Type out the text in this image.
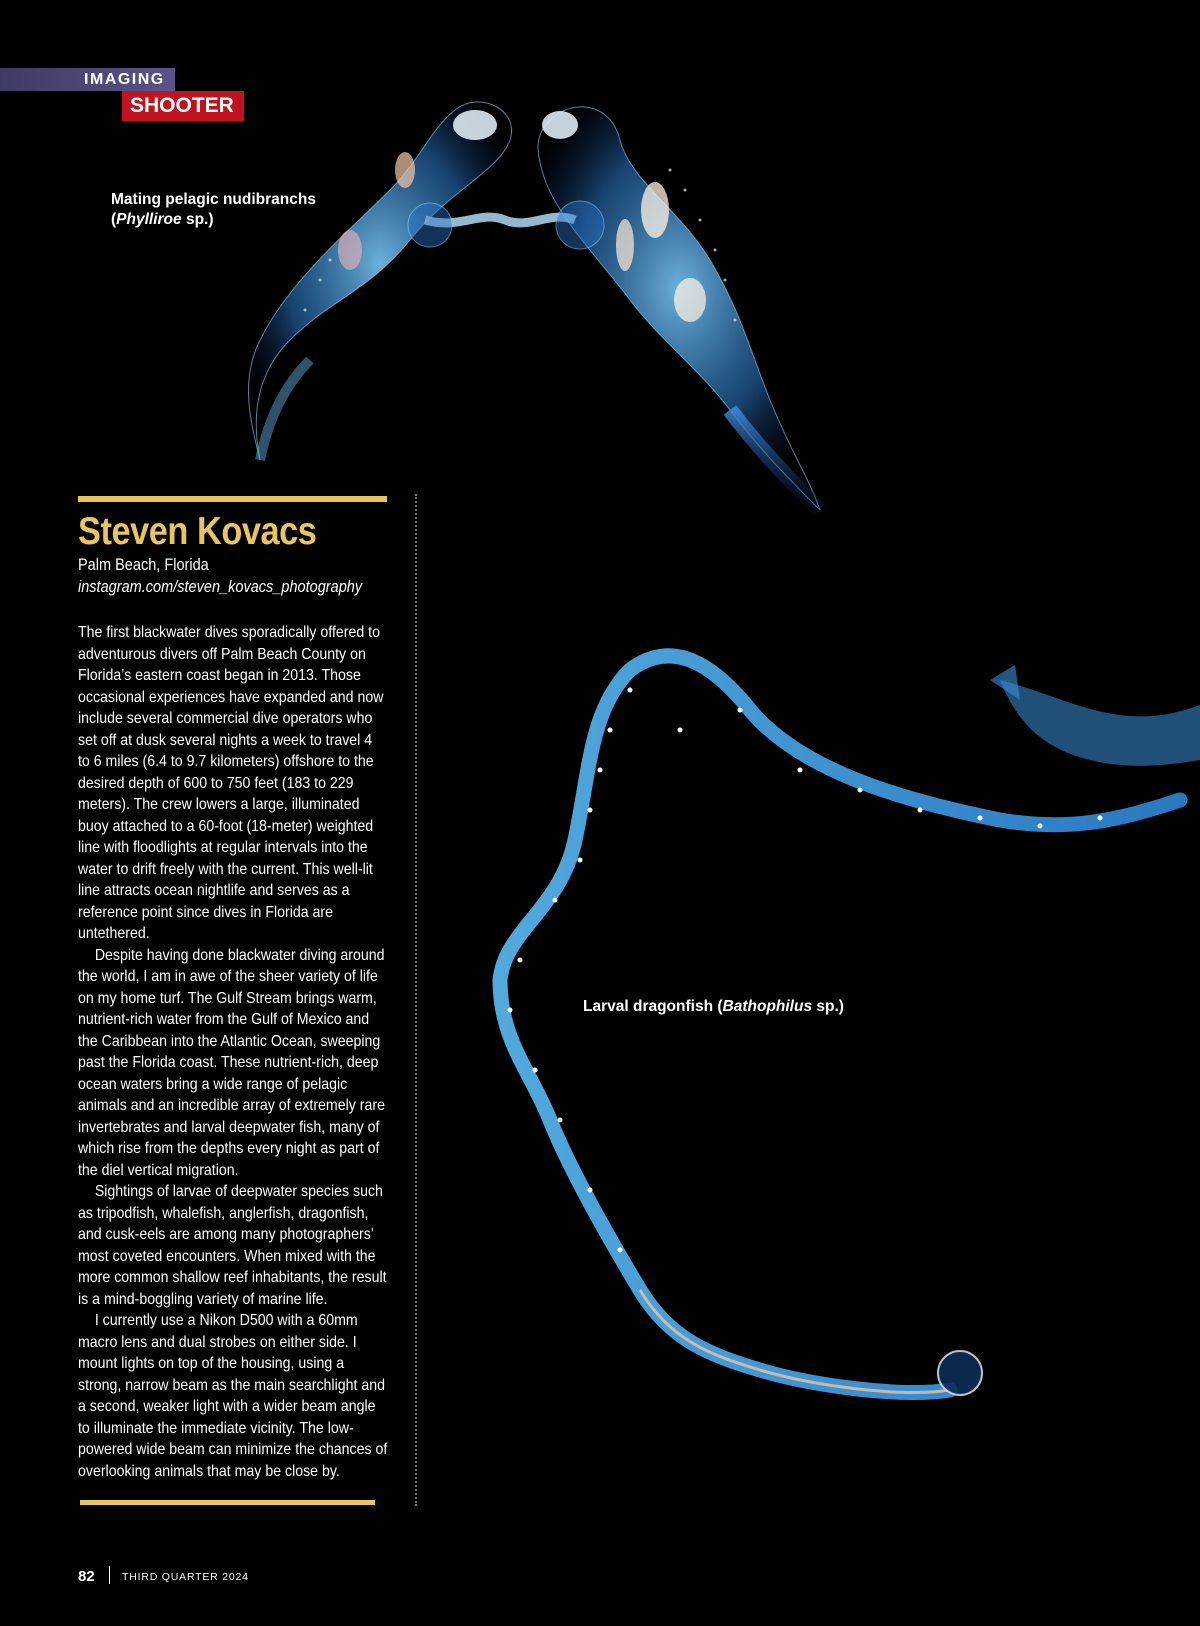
IMAGING
SHOOTER
Mating pelagic nudibranchs
(Phylliroe sp.)
Larval dragonfish (Bathophilus sp.)
Steven Kovacs
Palm Beach, Florida
instagram.com/steven_kovacs_photography

The first blackwater dives sporadically offered to adventurous divers off Palm Beach County on Florida’s eastern coast began in 2013. Those occasional experiences have expanded and now include several commercial dive operators who set off at dusk several nights a week to travel 4 to 6 miles (6.4 to 9.7 kilometers) offshore to the desired depth of 600 to 750 feet (183 to 229 meters). The crew lowers a large, illuminated buoy attached to a 60-foot (18-meter) weighted line with floodlights at regular intervals into the water to drift freely with the current. This well-lit line attracts ocean nightlife and serves as a reference point since dives in Florida are untethered.

Despite having done blackwater diving around the world, I am in awe of the sheer variety of life on my home turf. The Gulf Stream brings warm, nutrient-rich water from the Gulf of Mexico and the Caribbean into the Atlantic Ocean, sweeping past the Florida coast. These nutrient-rich, deep ocean waters bring a wide range of pelagic animals and an incredible array of extremely rare invertebrates and larval deepwater fish, many of which rise from the depths every night as part of the diel vertical migration.

Sightings of larvae of deepwater species such as tripodfish, whalefish, anglerfish, dragonfish, and cusk-eels are among many photographers’ most coveted encounters. When mixed with the more common shallow reef inhabitants, the result is a mind-boggling variety of marine life.

I currently use a Nikon D500 with a 60mm macro lens and dual strobes on either side. I mount lights on top of the housing, using a strong, narrow beam as the main searchlight and a second, weaker light with a wider beam angle to illuminate the immediate vicinity. The low-powered wide beam can minimize the chances of overlooking animals that may be close by.

82	THIRD QUARTER 2024
